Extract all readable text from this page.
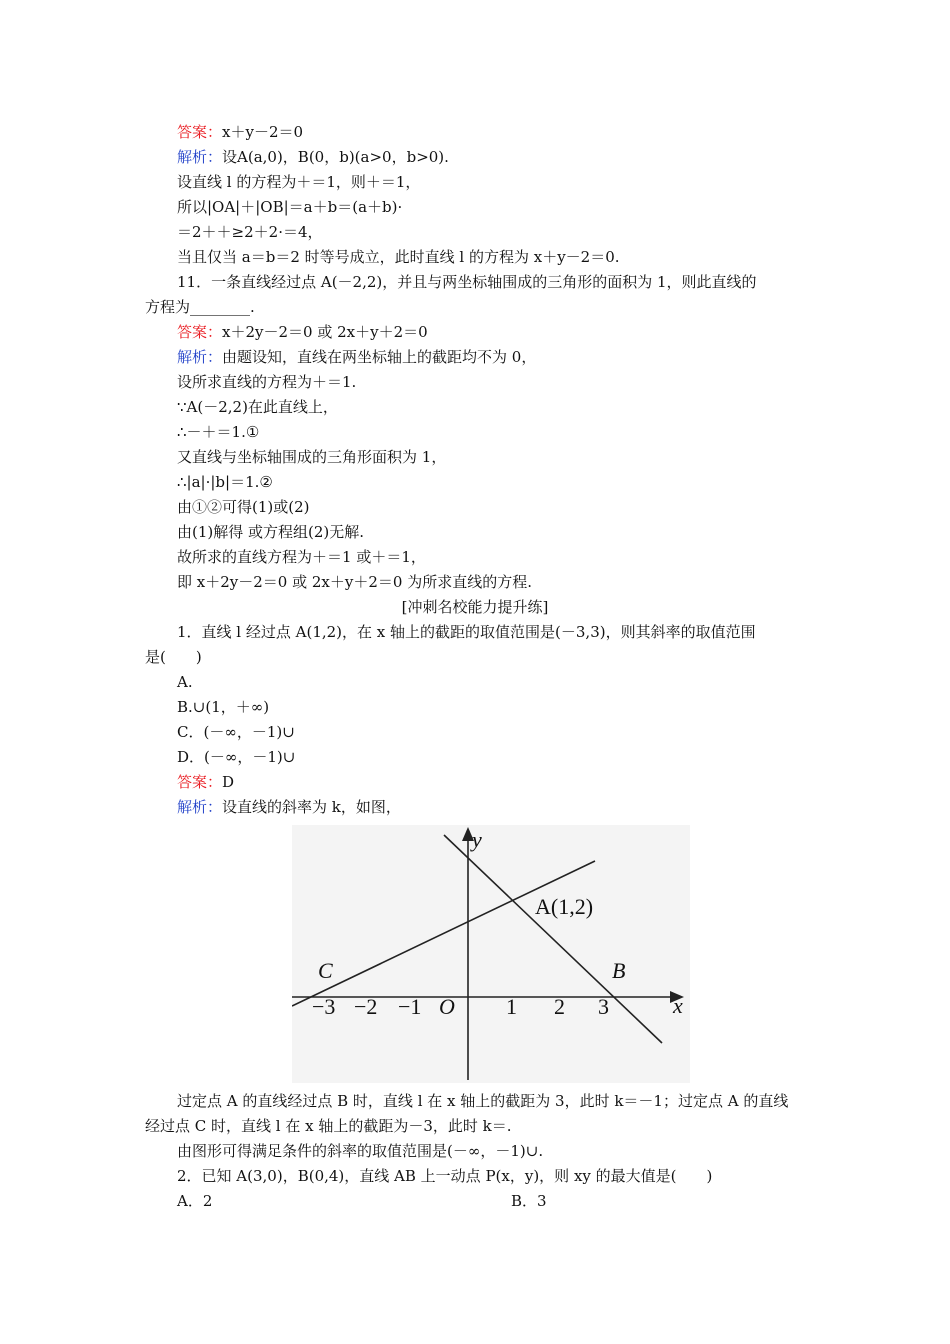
答案：x＋y－2＝0
解析：设A(a,0)，B(0，b)(a>0，b>0).
设直线 l 的方程为＋＝1，则＋＝1，
所以|OA|＋|OB|＝a＋b＝(a＋b)·
＝2＋＋≥2＋2·＝4，
当且仅当 a＝b＝2 时等号成立，此时直线 l 的方程为 x＋y－2＝0.
11．一条直线经过点 A(－2,2)，并且与两坐标轴围成的三角形的面积为 1，则此直线的
方程为________.
答案：x＋2y－2＝0 或 2x＋y＋2＝0
解析：由题设知，直线在两坐标轴上的截距均不为 0，
设所求直线的方程为＋＝1.
∵A(－2,2)在此直线上，
∴－＋＝1.①
又直线与坐标轴围成的三角形面积为 1，
∴|a|·|b|＝1.②
由①②可得(1)或(2)
由(1)解得 或方程组(2)无解.
故所求的直线方程为＋＝1 或＋＝1，
即 x＋2y－2＝0 或 2x＋y＋2＝0 为所求直线的方程.
[冲刺名校能力提升练]
1．直线 l 经过点 A(1,2)，在 x 轴上的截距的取值范围是(－3,3)，则其斜率的取值范围
是(　　)
A.
B.∪(1，＋∞)
C．(－∞，－1)∪
D．(－∞，－1)∪
答案：D
解析：设直线的斜率为 k，如图，
y
x
O
−3 −2 −1	1 2 3
A(1,2)
B
C
过定点 A 的直线经过点 B 时，直线 l 在 x 轴上的截距为 3，此时 k＝－1；过定点 A 的直线
经过点 C 时，直线 l 在 x 轴上的截距为－3，此时 k＝.
由图形可得满足条件的斜率的取值范围是(－∞，－1)∪.
2．已知 A(3,0)，B(0,4)，直线 AB 上一动点 P(x，y)，则 xy 的最大值是(　　)
A．2	B．3
